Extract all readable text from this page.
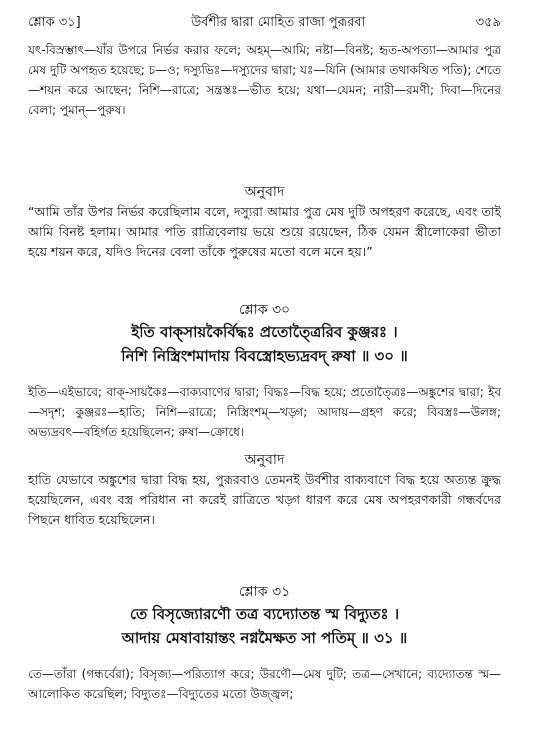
শ্লোক ৩১]	উর্বশীর দ্বারা মোহিত রাজা পুরূরবা	৩৫৯

যৎ-বিস্রম্ভাৎ—যাঁর উপরে নির্ভর করার ফলে; অহম্—আমি; নষ্টা—বিনষ্ট; হৃত-অপত্যা—আমার পুত্র মেষ দুটি অপহৃত হয়েছে; চ—ও; দস্যুভিঃ—দস্যুদের দ্বারা; যঃ—যিনি (আমার তথাকথিত পতি); শেতে—শয়ন করে আছেন; নিশি—রাত্রে; সন্ত্রস্তঃ—ভীত হয়ে; যথা—যেমন; নারী—রমণী; দিবা—দিনের বেলা; পুমান্—পুরুষ।

অনুবাদ

“আমি তাঁর উপর নির্ভর করেছিলাম বলে, দস্যুরা আমার পুত্র মেষ দুটি অপহরণ করেছে, এবং তাই আমি বিনষ্ট হলাম। আমার পতি রাত্রিবেলায় ভয়ে শুয়ে রয়েছেন, ঠিক যেমন স্ত্রীলোকেরা ভীতা হয়ে শয়ন করে, যদিও দিনের বেলা তাঁকে পুরুষের মতো বলে মনে হয়।”

শ্লোক ৩০
ইতি বাক্‌সায়কৈর্বিদ্ধঃ প্রতোত্ত্রৈরিব কুঞ্জরঃ ।
নিশি নিস্ত্রিংশমাদায় বিবস্ত্রোহভ্যদ্রবদ্ রুষা ॥ ৩০ ॥

ইতি—এইভাবে; বাক্‌-সায়কৈঃ—বাক্যবাণের দ্বারা; বিদ্ধঃ—বিদ্ধ হয়ে; প্রতোত্ত্রৈঃ—অঙ্কুশের দ্বারা; ইব—সদৃশ; কুঞ্জরঃ—হাতি; নিশি—রাত্রে; নিস্ত্রিংশম্—খড়্গ; আদায়—গ্রহণ করে; বিবস্ত্রঃ—উলঙ্গ; অভ্যদ্রবৎ—বহির্গত হয়েছিলেন; রুষা—ক্রোধে।

অনুবাদ

হাতি যেভাবে অঙ্কুশের দ্বারা বিদ্ধ হয়, পুরূরবাও তেমনই উর্বশীর বাক্যবাণে বিদ্ধ হয়ে অত্যন্ত ক্রুদ্ধ হয়েছিলেন, এবং বস্ত্র পরিধান না করেই রাত্রিতে খড়্গ ধারণ করে মেষ অপহরণকারী গন্ধর্বদের পিছনে ধাবিত হয়েছিলেন।

শ্লোক ৩১
তে বিসৃজ্যোরণৌ তত্র ব্যদ্যোতন্ত স্ম বিদ্যুতঃ ।
আদায় মেষাবায়ান্তং নগ্নমৈক্ষত সা পতিম্ ॥ ৩১ ॥

তে—তাঁরা (গন্ধর্বেরা); বিসৃজ্য—পরিত্যাগ করে; উরণৌ—মেষ দুটি; তত্র—সেখানে; ব্যদ্যোতন্ত স্ম—আলোকিত করেছিল; বিদ্যুতঃ—বিদ্যুতের মতো উজ্জ্বল;
